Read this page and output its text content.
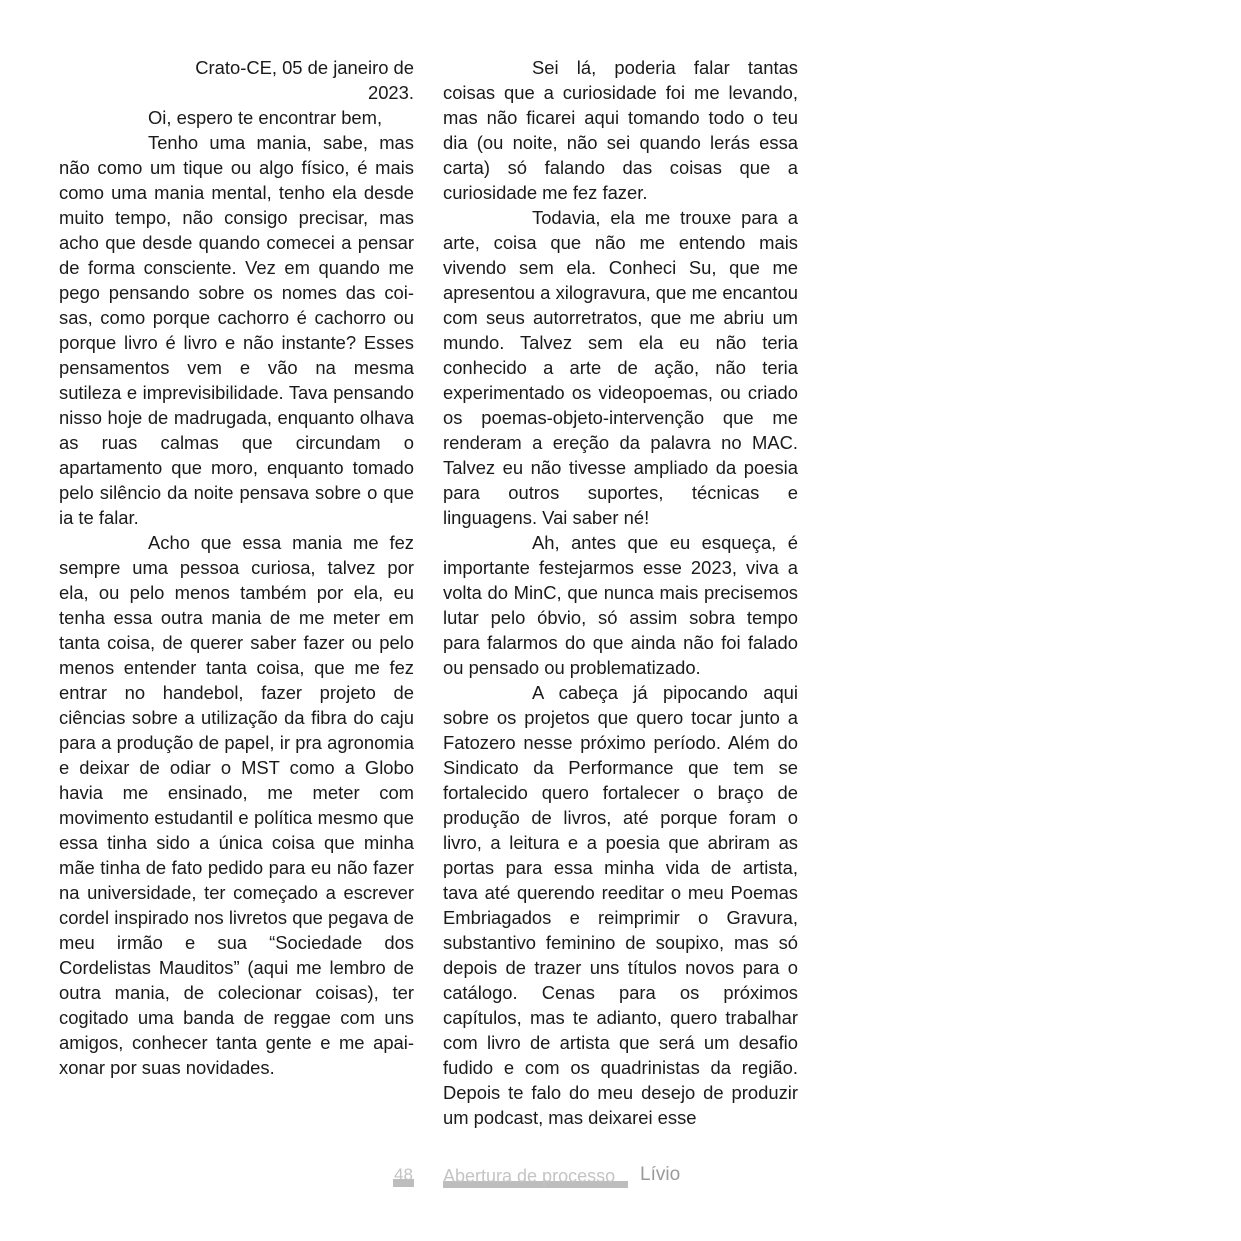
Crato-CE, 05 de janeiro de 2023.

Oi, espero te encontrar bem,

Tenho uma mania, sabe, mas não como um tique ou algo físico, é mais como uma mania mental, tenho ela desde muito tempo, não consigo precisar, mas acho que desde quando comecei a pensar de forma consciente. Vez em quando me pego pensando sobre os nomes das coisas, como porque cachorro é cachorro ou porque livro é livro e não instante? Esses pensamentos vem e vão na mesma sutileza e imprevisibilidade. Tava pensando nisso hoje de madrugada, enquanto olhava as ruas calmas que circundam o apartamento que moro, enquanto tomado pelo silêncio da noite pensava sobre o que ia te falar.

Acho que essa mania me fez sempre uma pessoa curiosa, talvez por ela, ou pelo menos também por ela, eu tenha essa outra mania de me meter em tanta coisa, de querer saber fazer ou pelo menos entender tanta coisa, que me fez entrar no handebol, fazer projeto de ciências sobre a utilização da fibra do caju para a produção de papel, ir pra agronomia e deixar de odiar o MST como a Globo havia me ensinado, me meter com movimento estudantil e política mesmo que essa tinha sido a única coisa que minha mãe tinha de fato pedido para eu não fazer na universidade, ter começado a escrever cordel inspirado nos livretos que pegava de meu irmão e sua “Sociedade dos Cordelistas Mauditos” (aqui me lembro de outra mania, de colecionar coisas), ter cogitado uma banda de reggae com uns amigos, conhecer tanta gente e me apaixonar por suas novidades.

Sei lá, poderia falar tantas coisas que a curiosidade foi me levando, mas não ficarei aqui tomando todo o teu dia (ou noite, não sei quando lerás essa carta) só falando das coisas que a curiosidade me fez fazer.

Todavia, ela me trouxe para a arte, coisa que não me entendo mais vivendo sem ela. Conheci Su, que me apresentou a xilogravura, que me encantou com seus autorretratos, que me abriu um mundo. Talvez sem ela eu não teria conhecido a arte de ação, não teria experimentado os videopoemas, ou criado os poemas-objeto-intervenção que me renderam a ereção da palavra no MAC. Talvez eu não tivesse ampliado da poesia para outros suportes, técnicas e linguagens. Vai saber né!

Ah, antes que eu esqueça, é importante festejarmos esse 2023, viva a volta do MinC, que nunca mais precisemos lutar pelo óbvio, só assim sobra tempo para falarmos do que ainda não foi falado ou pensado ou problematizado.

A cabeça já pipocando aqui sobre os projetos que quero tocar junto a Fatozero nesse próximo período. Além do Sindicato da Performance que tem se fortalecido quero fortalecer o braço de produção de livros, até porque foram o livro, a leitura e a poesia que abriram as portas para essa minha vida de artista, tava até querendo reeditar o meu Poemas Embriagados e reimprimir o Gravura, substantivo feminino de soupixo, mas só depois de trazer uns títulos novos para o catálogo. Cenas para os próximos capítulos, mas te adianto, quero trabalhar com livro de artista que será um desafio fudido e com os quadrinistas da região. Depois te falo do meu desejo de produzir um podcast, mas deixarei esse

48 Abertura de processo Lívio
